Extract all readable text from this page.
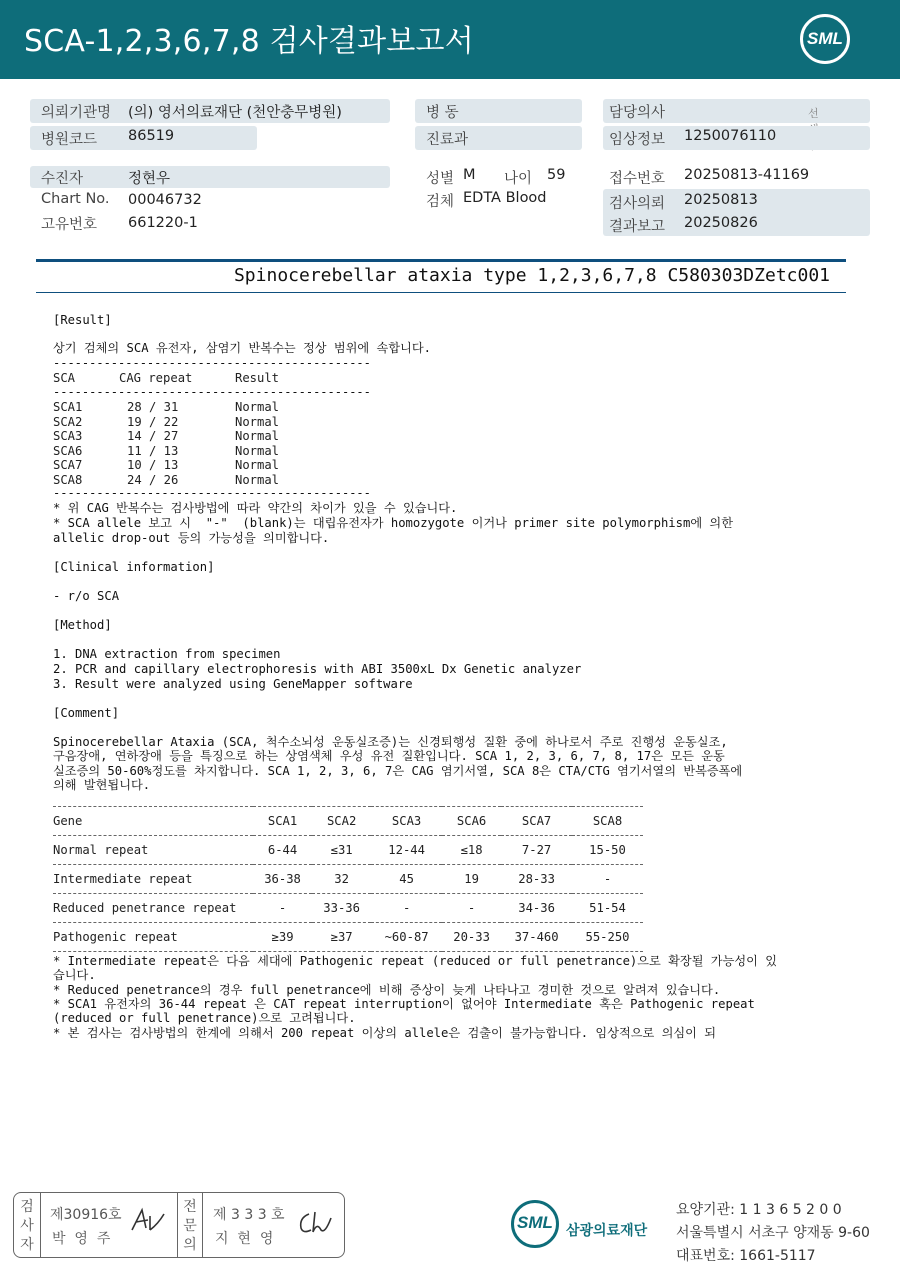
SCA-1,2,3,6,7,8 검사결과보고서	SML
의뢰기관명 (의) 영서의료재단 (천안충무병원)
병원코드 86519
수진자	정현우
Chart No. 00046732
고유번호 661220-1
병 동
진료과
성별 M 나이 59
검체 EDTA Blood
담당의사	선
임상정보 1250076110
접수번호 20250813-41169
검사의뢰 20250813
결과보고 20250826
Spinocerebellar ataxia type 1,2,3,6,7,8 C580303DZetc001
[Result]
상기 검체의 SCA 유전자, 삼염기 반복수는 정상 범위에 속합니다.
--------------------------------------------
SCA	CAG repeat	Result
--------------------------------------------
SCA1	28 / 31	Normal
SCA2	19 / 22	Normal
SCA3	14 / 27	Normal
SCA6	11 / 13	Normal
SCA7	10 / 13	Normal
SCA8	24 / 26	Normal
--------------------------------------------
* 위 CAG 반복수는 검사방법에 따라 약간의 차이가 있을 수 있습니다.
* SCA allele 보고 시  "-"  (blank)는 대립유전자가 homozygote 이거나 primer site polymorphism에 의한
allelic drop-out 등의 가능성을 의미합니다.
[Clinical information]
- r/o SCA
[Method]
1. DNA extraction from specimen
2. PCR and capillary electrophoresis with ABI 3500xL Dx Genetic analyzer
3. Result were analyzed using GeneMapper software
[Comment]
Spinocerebellar Ataxia (SCA, 척수소뇌성 운동실조증)는 신경퇴행성 질환 중에 하나로서 주로 진행성 운동실조,
구음장애, 연하장애 등을 특징으로 하는 상염색체 우성 유전 질환입니다. SCA 1, 2, 3, 6, 7, 8, 17은 모든 운동
실조증의 50-60%정도를 차지합니다. SCA 1, 2, 3, 6, 7은 CAG 염기서열, SCA 8은 CTA/CTG 염기서열의 반복증폭에
의해 발현됩니다.
Gene	SCA1	SCA2	SCA3	SCA6	SCA7	SCA8
Normal repeat	6-44	≤31	12-44	≤18	7-27	15-50
Intermediate repeat	36-38	32	45	19	28-33	-
Reduced penetrance repeat	-	33-36	-	-	34-36	51-54
Pathogenic repeat	≥39	≥37	~60-87	20-33	37-460	55-250
* Intermediate repeat은 다음 세대에 Pathogenic repeat (reduced or full penetrance)으로 확장될 가능성이 있
습니다.
* Reduced penetrance의 경우 full penetrance에 비해 증상이 늦게 나타나고 경미한 것으로 알려져 있습니다.
* SCA1 유전자의 36-44 repeat 은 CAT repeat interruption이 없어야 Intermediate 혹은 Pathogenic repeat
(reduced or full penetrance)으로 고려됩니다.
* 본 검사는 검사방법의 한계에 의해서 200 repeat 이상의 allele은 검출이 불가능합니다. 임상적으로 의심이 되
검
사
자
제30916호
박  영  주
전
문
의
제 3 3 3 호
지  현  영
SML 삼광의료재단
요양기관: 1 1 3 6 5 2 0 0
서울특별시 서초구 양재동 9-60
대표번호: 1661-5117
